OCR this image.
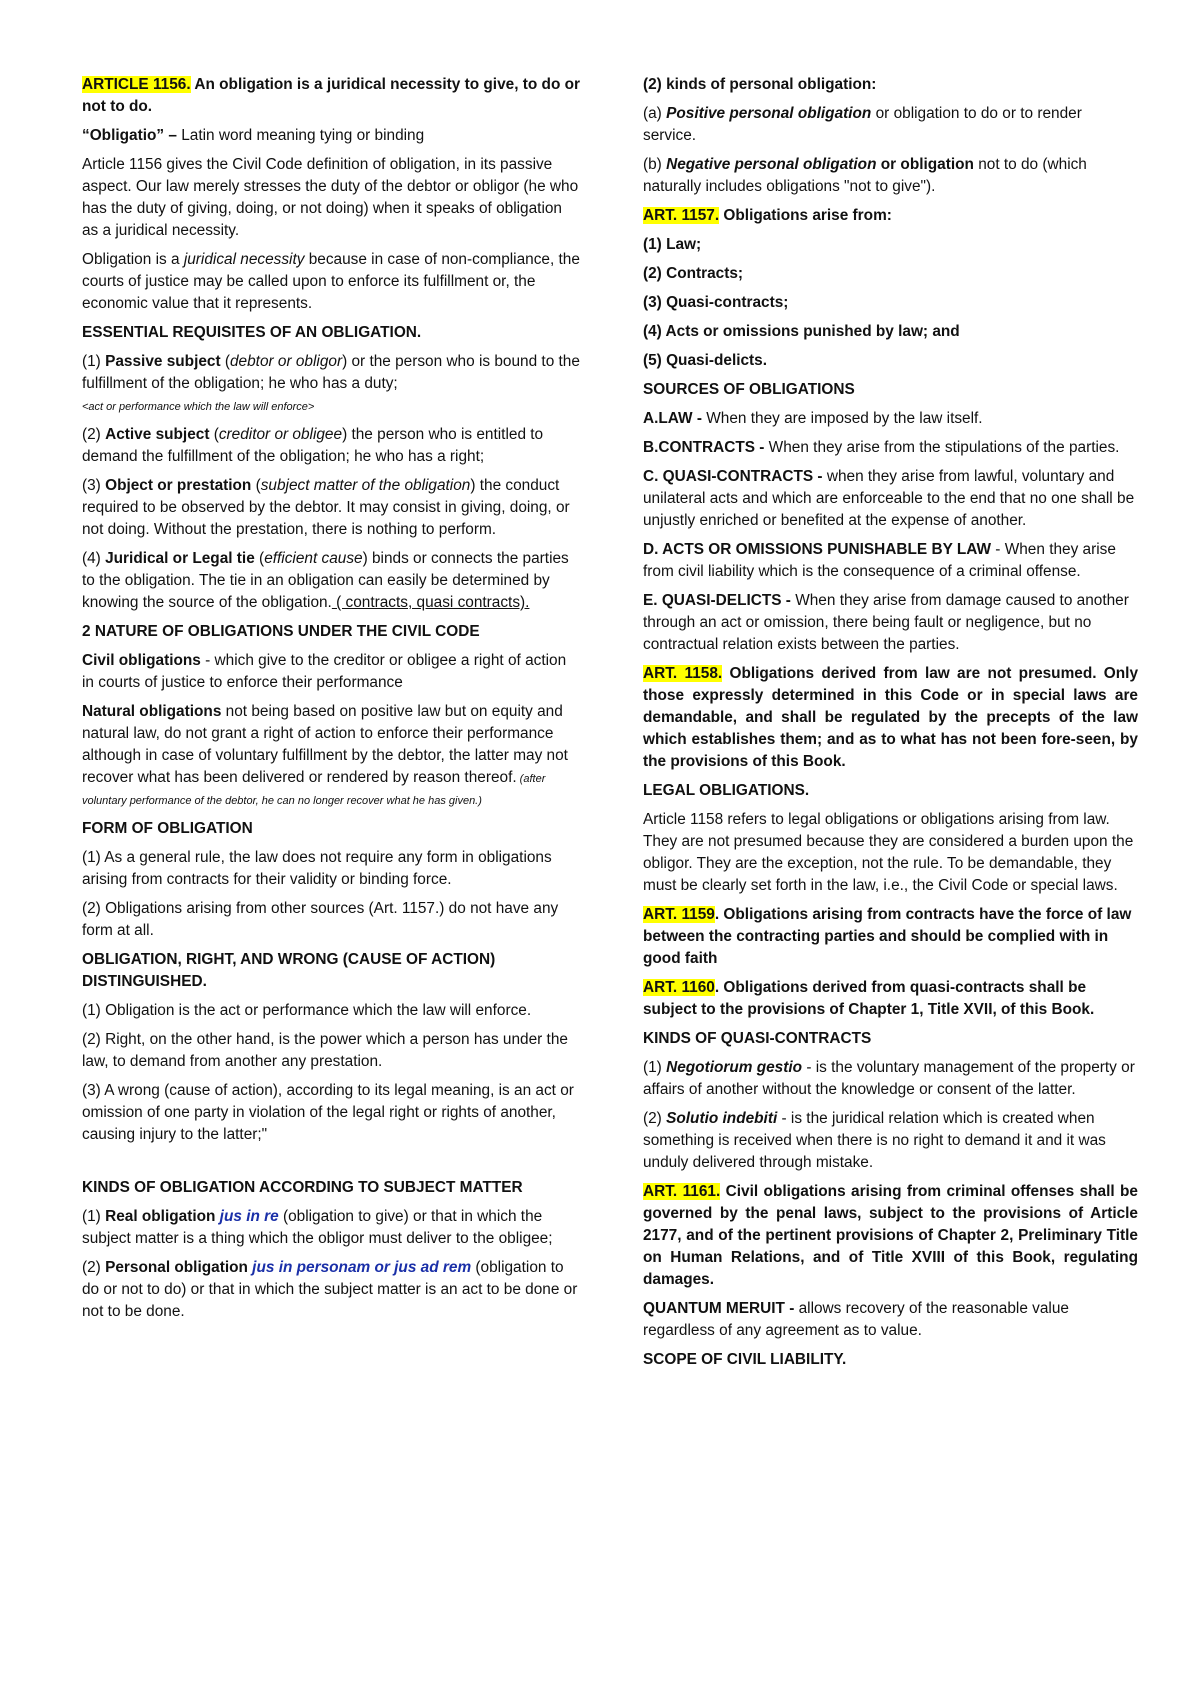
ARTICLE 1156. An obligation is a juridical necessity to give, to do or not to do.

“Obligatio” – Latin word meaning tying or binding

Article 1156 gives the Civil Code definition of obligation, in its passive aspect. Our law merely stresses the duty of the debtor or obligor (he who has the duty of giving, doing, or not doing) when it speaks of obligation as a juridical necessity.

Obligation is a juridical necessity because in case of non-compliance, the courts of justice may be called upon to enforce its fulfillment or, the economic value that it represents.

ESSENTIAL REQUISITES OF AN OBLIGATION.

(1) Passive subject (debtor or obligor) or the person who is bound to the fulfillment of the obligation; he who has a duty;
<act or performance which the law will enforce>

(2) Active subject (creditor or obligee) the person who is entitled to demand the fulfillment of the obligation; he who has a right;

(3) Object or prestation (subject matter of the obligation) the conduct required to be observed by the debtor. It may consist in giving, doing, or not doing. Without the prestation, there is nothing to perform.

(4) Juridical or Legal tie (efficient cause) binds or connects the parties to the obligation. The tie in an obligation can easily be determined by knowing the source of the obligation. ( contracts, quasi contracts).

2 NATURE OF OBLIGATIONS UNDER THE CIVIL CODE

Civil obligations - which give to the creditor or obligee a right of action in courts of justice to enforce their performance

Natural obligations not being based on positive law but on equity and natural law, do not grant a right of action to enforce their performance although in case of voluntary fulfillment by the debtor, the latter may not recover what has been delivered or rendered by reason thereof. (after voluntary performance of the debtor, he can no longer recover what he has given.)

FORM OF OBLIGATION

(1) As a general rule, the law does not require any form in obligations arising from contracts for their validity or binding force.

(2) Obligations arising from other sources (Art. 1157.) do not have any form at all.

OBLIGATION, RIGHT, AND WRONG (CAUSE OF ACTION) DISTINGUISHED.

(1) Obligation is the act or performance which the law will enforce.

(2) Right, on the other hand, is the power which a person has under the law, to demand from another any prestation.

(3) A wrong (cause of action), according to its legal meaning, is an act or omission of one party in violation of the legal right or rights of another, causing injury to the latter;"

KINDS OF OBLIGATION ACCORDING TO SUBJECT MATTER

(1) Real obligation jus in re (obligation to give) or that in which the subject matter is a thing which the obligor must deliver to the obligee;

(2) Personal obligation jus in personam or jus ad rem (obligation to do or not to do) or that in which the subject matter is an act to be done or not to be done.

(2) kinds of personal obligation:

(a) Positive personal obligation or obligation to do or to render service.

(b) Negative personal obligation or obligation not to do (which naturally includes obligations "not to give").

ART. 1157. Obligations arise from:

(1) Law;

(2) Contracts;

(3) Quasi-contracts;

(4) Acts or omissions punished by law; and

(5) Quasi-delicts.

SOURCES OF OBLIGATIONS

A.LAW - When they are imposed by the law itself.

B.CONTRACTS - When they arise from the stipulations of the parties.

C. QUASI-CONTRACTS - when they arise from lawful, voluntary and unilateral acts and which are enforceable to the end that no one shall be unjustly enriched or benefited at the expense of another.

D. ACTS OR OMISSIONS PUNISHABLE BY LAW - When they arise from civil liability which is the consequence of a criminal offense.

E. QUASI-DELICTS - When they arise from damage caused to another through an act or omission, there being fault or negligence, but no contractual relation exists between the parties.

ART. 1158. Obligations derived from law are not presumed. Only those expressly determined in this Code or in special laws are demandable, and shall be regulated by the precepts of the law which establishes them; and as to what has not been fore-seen, by the provisions of this Book.

LEGAL OBLIGATIONS.

Article 1158 refers to legal obligations or obligations arising from law. They are not presumed because they are considered a burden upon the obligor. They are the exception, not the rule. To be demandable, they must be clearly set forth in the law, i.e., the Civil Code or special laws.

ART. 1159. Obligations arising from contracts have the force of law between the contracting parties and should be complied with in good faith

ART. 1160. Obligations derived from quasi-contracts shall be subject to the provisions of Chapter 1, Title XVII, of this Book.

KINDS OF QUASI-CONTRACTS

(1) Negotiorum gestio - is the voluntary management of the property or affairs of another without the knowledge or consent of the latter.

(2) Solutio indebiti - is the juridical relation which is created when something is received when there is no right to demand it and it was unduly delivered through mistake.

ART. 1161. Civil obligations arising from criminal offenses shall be governed by the penal laws, subject to the provisions of Article 2177, and of the pertinent provisions of Chapter 2, Preliminary Title on Human Relations, and of Title XVIII of this Book, regulating damages.

QUANTUM MERUIT - allows recovery of the reasonable value regardless of any agreement as to value.

SCOPE OF CIVIL LIABILITY.
